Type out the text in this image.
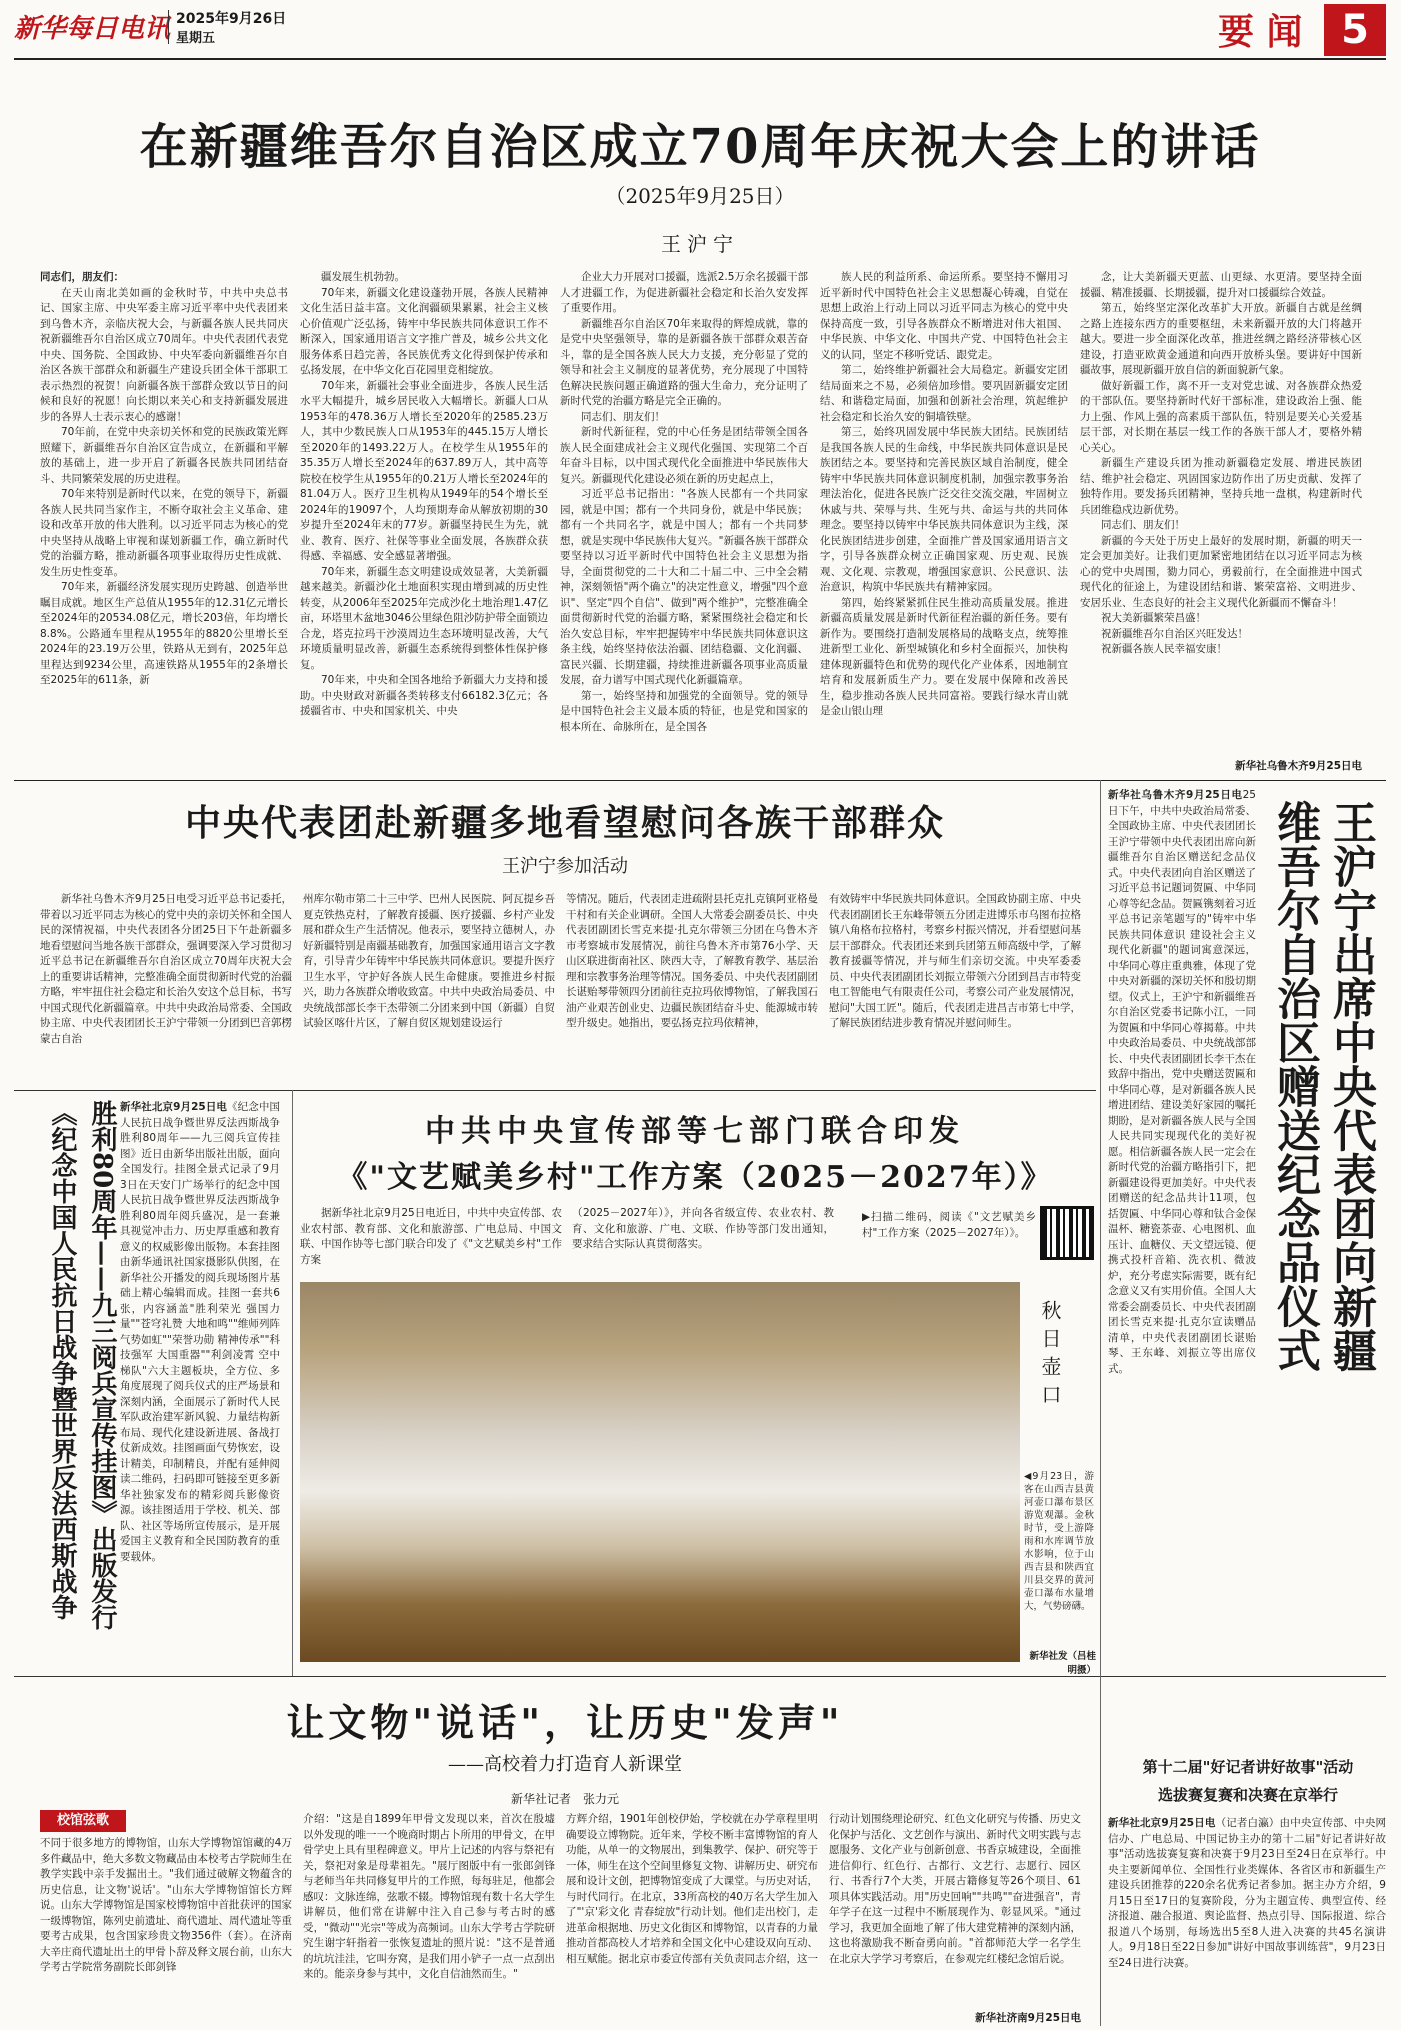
新华每日电讯 2025年9月26日
星期五	要 闻 5
在新疆维吾尔自治区成立70周年庆祝大会上的讲话
（2025年9月25日）
王沪宁

同志们，朋友们：

在天山南北美如画的金秋时节，中共中央总书记、国家主席、中央军委主席习近平率中央代表团来到乌鲁木齐，亲临庆祝大会，与新疆各族人民共同庆祝新疆维吾尔自治区成立70周年。中央代表团代表党中央、国务院、全国政协、中央军委向新疆维吾尔自治区各族干部群众和新疆生产建设兵团全体干部职工表示热烈的祝贺！向新疆各族干部群众致以节日的问候和良好的祝愿！向长期以来关心和支持新疆发展进步的各界人士表示衷心的感谢！

70年前，在党中央亲切关怀和党的民族政策光辉照耀下，新疆维吾尔自治区宣告成立，在新疆和平解放的基础上，进一步开启了新疆各民族共同团结奋斗、共同繁荣发展的历史进程。

70年来特别是新时代以来，在党的领导下，新疆各族人民共同当家作主，不断夺取社会主义革命、建设和改革开放的伟大胜利。以习近平同志为核心的党中央坚持从战略上审视和谋划新疆工作，确立新时代党的治疆方略，推动新疆各项事业取得历史性成就、发生历史性变革。

70年来，新疆经济发展实现历史跨越、创造举世瞩目成就。地区生产总值从1955年的12.31亿元增长至2024年的20534.08亿元，增长203倍，年均增长8.8%。公路通车里程从1955年的8820公里增长至2024年的23.19万公里，铁路从无到有，2025年总里程达到9234公里，高速铁路从1955年的2条增长至2025年的611条，新

疆发展生机勃勃。

70年来，新疆文化建设蓬勃开展，各族人民精神文化生活日益丰富。文化润疆硕果累累，社会主义核心价值观广泛弘扬，铸牢中华民族共同体意识工作不断深入，国家通用语言文字推广普及，城乡公共文化服务体系日趋完善，各民族优秀文化得到保护传承和弘扬发展，在中华文化百花园里竞相绽放。

70年来，新疆社会事业全面进步，各族人民生活水平大幅提升，城乡居民收入大幅增长。新疆人口从1953年的478.36万人增长至2020年的2585.23万人，其中少数民族人口从1953年的445.15万人增长至2020年的1493.22万人。在校学生从1955年的35.35万人增长至2024年的637.89万人，其中高等院校在校学生从1955年的0.21万人增长至2024年的81.04万人。医疗卫生机构从1949年的54个增长至2024年的19097个，人均预期寿命从解放初期的30岁提升至2024年末的77岁。新疆坚持民生为先，就业、教育、医疗、社保等事业全面发展，各族群众获得感、幸福感、安全感显著增强。

70年来，新疆生态文明建设成效显著，大美新疆越来越美。新疆沙化土地面积实现由增到减的历史性转变，从2006年至2025年完成沙化土地治理1.47亿亩，环塔里木盆地3046公里绿色阻沙防护带全面锁边合龙，塔克拉玛干沙漠周边生态环境明显改善，大气环境质量明显改善，新疆生态系统得到整体性保护修复。

70年来，中央和全国各地给予新疆大力支持和援助。中央财政对新疆各类转移支付66182.3亿元；各援疆省市、中央和国家机关、中央

企业大力开展对口援疆，选派2.5万余名援疆干部人才进疆工作，为促进新疆社会稳定和长治久安发挥了重要作用。

新疆维吾尔自治区70年来取得的辉煌成就，靠的是党中央坚强领导，靠的是新疆各族干部群众艰苦奋斗，靠的是全国各族人民大力支援，充分彰显了党的领导和社会主义制度的显著优势，充分展现了中国特色解决民族问题正确道路的强大生命力，充分证明了新时代党的治疆方略是完全正确的。

同志们、朋友们！

新时代新征程，党的中心任务是团结带领全国各族人民全面建成社会主义现代化强国、实现第二个百年奋斗目标，以中国式现代化全面推进中华民族伟大复兴。新疆现代化建设必须在新的历史起点上，

习近平总书记指出："各族人民都有一个共同家园，就是中国；都有一个共同身份，就是中华民族；都有一个共同名字，就是中国人；都有一个共同梦想，就是实现中华民族伟大复兴。"新疆各族干部群众要坚持以习近平新时代中国特色社会主义思想为指导，全面贯彻党的二十大和二十届二中、三中全会精神，深刻领悟"两个确立"的决定性意义，增强"四个意识"、坚定"四个自信"、做到"两个维护"，完整准确全面贯彻新时代党的治疆方略，紧紧围绕社会稳定和长治久安总目标，牢牢把握铸牢中华民族共同体意识这条主线，始终坚持依法治疆、团结稳疆、文化润疆、富民兴疆、长期建疆，持续推进新疆各项事业高质量发展，奋力谱写中国式现代化新疆篇章。

第一，始终坚持和加强党的全面领导。党的领导是中国特色社会主义最本质的特征，也是党和国家的根本所在、命脉所在，是全国各

族人民的利益所系、命运所系。要坚持不懈用习近平新时代中国特色社会主义思想凝心铸魂，自觉在思想上政治上行动上同以习近平同志为核心的党中央保持高度一致，引导各族群众不断增进对伟大祖国、中华民族、中华文化、中国共产党、中国特色社会主义的认同，坚定不移听党话、跟党走。

第二，始终维护新疆社会大局稳定。新疆安定团结局面来之不易，必须倍加珍惜。要巩固新疆安定团结、和谐稳定局面，加强和创新社会治理，筑起维护社会稳定和长治久安的铜墙铁壁。

第三，始终巩固发展中华民族大团结。民族团结是我国各族人民的生命线，中华民族共同体意识是民族团结之本。要坚持和完善民族区域自治制度，健全铸牢中华民族共同体意识制度机制，加强宗教事务治理法治化，促进各民族广泛交往交流交融，牢固树立休戚与共、荣辱与共、生死与共、命运与共的共同体理念。要坚持以铸牢中华民族共同体意识为主线，深化民族团结进步创建，全面推广普及国家通用语言文字，引导各族群众树立正确国家观、历史观、民族观、文化观、宗教观，增强国家意识、公民意识、法治意识，构筑中华民族共有精神家园。

第四，始终紧紧抓住民生推动高质量发展。推进新疆高质量发展是新时代新征程治疆的新任务。要有新作为。要围绕打造制发展格局的战略支点，统筹推进新型工业化、新型城镇化和乡村全面振兴，加快构建体现新疆特色和优势的现代化产业体系，因地制宜培育和发展新质生产力。要在发展中保障和改善民生，稳步推动各族人民共同富裕。要践行绿水青山就是金山银山理

念，让大美新疆天更蓝、山更绿、水更清。要坚持全面援疆、精准援疆、长期援疆，提升对口援疆综合效益。

第五，始终坚定深化改革扩大开放。新疆自古就是丝绸之路上连接东西方的重要枢纽，未来新疆开放的大门将越开越大。要进一步全面深化改革，推进丝绸之路经济带核心区建设，打造亚欧黄金通道和向西开放桥头堡。要讲好中国新疆故事，展现新疆开放自信的新面貌新气象。

做好新疆工作，离不开一支对党忠诚、对各族群众热爱的干部队伍。要坚持新时代好干部标准，建设政治上强、能力上强、作风上强的高素质干部队伍，特别是要关心关爱基层干部，对长期在基层一线工作的各族干部人才，要格外精心关心。

新疆生产建设兵团为推动新疆稳定发展、增进民族团结、维护社会稳定、巩固国家边防作出了历史贡献、发挥了独特作用。要发扬兵团精神，坚持兵地一盘棋，构建新时代兵团维稳戍边新优势。

同志们、朋友们！

新疆的今天处于历史上最好的发展时期，新疆的明天一定会更加美好。让我们更加紧密地团结在以习近平同志为核心的党中央周围，勠力同心，勇毅前行，在全面推进中国式现代化的征途上，为建设团结和谐、繁荣富裕、文明进步、安居乐业、生态良好的社会主义现代化新疆而不懈奋斗！

祝大美新疆繁荣昌盛！

祝新疆维吾尔自治区兴旺发达！

祝新疆各族人民幸福安康！

新华社乌鲁木齐9月25日电
中央代表团赴新疆多地看望慰问各族干部群众
王沪宁参加活动
新华社乌鲁木齐9月25日电受习近平总书记委托，带着以习近平同志为核心的党中央的亲切关怀和全国人民的深情祝福，中央代表团各分团25日下午赴新疆多地看望慰问当地各族干部群众，强调要深入学习贯彻习近平总书记在新疆维吾尔自治区成立70周年庆祝大会上的重要讲话精神，完整准确全面贯彻新时代党的治疆方略，牢牢扭住社会稳定和长治久安这个总目标，书写中国式现代化新疆篇章。中共中央政治局常委、全国政协主席、中央代表团团长王沪宁带领一分团到巴音郭楞蒙古自治
州库尔勒市第二十三中学、巴州人民医院、阿瓦提乡吾夏克铁热克村，了解教育援疆、医疗援疆、乡村产业发展和群众生产生活情况。他表示，要坚持立德树人，办好新疆特别是南疆基础教育，加强国家通用语言文字教育，引导青少年铸牢中华民族共同体意识。要提升医疗卫生水平，守护好各族人民生命健康。要推进乡村振兴，助力各族群众增收致富。中共中央政治局委员、中央统战部部长李干杰带领二分团来到中国（新疆）自贸试验区喀什片区，了解自贸区规划建设运行
等情况。随后，代表团走进疏附县托克扎克镇阿亚格曼干村和有关企业调研。全国人大常委会副委员长、中央代表团副团长雪克来提·扎克尔带领三分团在乌鲁木齐市考察城市发展情况，前往乌鲁木齐市第76小学、天山区联进街南社区、陕西大寺，了解教育教学、基层治理和宗教事务治理等情况。国务委员、中央代表团副团长谌贻琴带领四分团前往克拉玛依博物馆，了解我国石油产业艰苦创业史、边疆民族团结奋斗史、能源城市转型升级史。她指出，要弘扬克拉玛依精神，
有效铸牢中华民族共同体意识。全国政协副主席、中央代表团副团长王东峰带领五分团走进博乐市乌图布拉格镇八角格布拉格村，考察乡村振兴情况，并看望慰问基层干部群众。代表团还来到兵团第五师高级中学，了解教育援疆等情况，并与师生们亲切交流。中央军委委员、中央代表团副团长刘振立带领六分团到昌吉市特变电工智能电气有限责任公司，考察公司产业发展情况，慰问"大国工匠"。随后，代表团走进昌吉市第七中学，了解民族团结进步教育情况并慰问师生。
新华社乌鲁木齐9月25日电25日下午，中共中央政治局常委、全国政协主席、中央代表团团长王沪宁带领中央代表团出席向新疆维吾尔自治区赠送纪念品仪式。中央代表团向自治区赠送了习近平总书记题词贺匾、中华同心尊等纪念品。贺匾镌刻着习近平总书记亲笔题写的"铸牢中华民族共同体意识 建设社会主义现代化新疆"的题词寓意深远，中华同心尊庄重典雅，体现了党中央对新疆的深切关怀和殷切期望。仪式上，王沪宁和新疆维吾尔自治区党委书记陈小江，一同为贺匾和中华同心尊揭幕。中共中央政治局委员、中央统战部部长、中央代表团副团长李干杰在致辞中指出，党中央赠送贺匾和中华同心尊，是对新疆各族人民增进团结、建设美好家园的嘱托期盼，是对新疆各族人民与全国人民共同实现现代化的美好祝愿。相信新疆各族人民一定会在新时代党的治疆方略指引下，把新疆建设得更加美好。中央代表团赠送的纪念品共计11项，包括贺匾、中华同心尊和钛合金保温杯、糖瓷茶壶、心电图机、血压计、血糖仪、天文望远镜、便携式投杆音箱、洗衣机、微波炉，充分考虑实际需要，既有纪念意义又有实用价值。全国人大常委会副委员长、中央代表团副团长雪克来提·扎克尔宣读赠品清单，中央代表团副团长谌贻琴、王东峰、刘振立等出席仪式。	王沪宁出席中央代表团向新疆
维吾尔自治区赠送纪念品仪式
胜利80周年——九三阅兵宣传挂图》出版发行
《纪念中国人民抗日战争暨世界反法西斯战争	新华社北京9月25日电《纪念中国人民抗日战争暨世界反法西斯战争胜利80周年——九三阅兵宣传挂图》近日由新华出版社出版，面向全国发行。挂图全景式记录了9月3日在天安门广场举行的纪念中国人民抗日战争暨世界反法西斯战争胜利80周年阅兵盛况，是一套兼具视觉冲击力、历史厚重感和教育意义的权威影像出版物。本套挂图由新华通讯社国家摄影队供图，在新华社公开播发的阅兵现场图片基础上精心编辑而成。挂图一套共6张，内容涵盖"胜利荣光 强国力量""苍穹礼赞 大地和鸣""维师列阵 气势如虹""荣誉功勋 精神传承""科技强军 大国重器""利剑凌霄 空中梯队"六大主题板块，全方位、多角度展现了阅兵仪式的庄严场景和深刻内涵，全面展示了新时代人民军队政治建军新风貌、力量结构新布局、现代化建设新进展、备战打仗新成效。挂图画面气势恢宏，设计精美，印制精良，并配有延伸阅读二维码，扫码即可链接至更多新华社独家发布的精彩阅兵影像资源。该挂图适用于学校、机关、部队、社区等场所宣传展示，是开展爱国主义教育和全民国防教育的重要载体。
中共中央宣传部等七部门联合印发
《"文艺赋美乡村"工作方案（2025－2027年）》
据新华社北京9月25日电近日，中共中央宣传部、农业农村部、教育部、文化和旅游部、广电总局、中国文联、中国作协等七部门联合印发了《"文艺赋美乡村"工作方案
（2025－2027年）》，并向各省级宣传、农业农村、教育、文化和旅游、广电、文联、作协等部门发出通知，要求结合实际认真贯彻落实。
▶扫描二维码，阅读《"文艺赋美乡村"工作方案（2025－2027年）》。
秋日壶口
◀9月23日，游客在山西吉县黄河壶口瀑布景区游览观瀑。金秋时节，受上游降雨和水库调节放水影响，位于山西吉县和陕西宜川县交界的黄河壶口瀑布水量增大，气势磅礴。
新华社发（吕桂明摄）
让文物"说话"，让历史"发声"
——高校着力打造育人新课堂
新华社记者　张力元
校馆弦歌
不同于很多地方的博物馆，山东大学博物馆馆藏的4万多件藏品中，绝大多数文物藏品由本校考古学院师生在教学实践中亲手发掘出土。"我们通过破解文物蕴含的历史信息，让文物'说话'。"山东大学博物馆馆长方辉说。山东大学博物馆是国家校博物馆中首批获评的国家一级博物馆，陈列史前遗址、商代遗址、周代遗址等重要考古成果，包含国家珍贵文物356件（套）。在济南大辛庄商代遗址出土的甲骨卜辞及释文展台前，山东大学考古学院常务副院长郎剑锋
介绍："这是自1899年甲骨文发现以来，首次在殷墟以外发现的唯一一个晚商时期占卜所用的甲骨文，在甲骨学史上具有里程碑意义。甲片上记述的内容与祭祀有关，祭祀对象是母辈祖先。"展厅图版中有一张郎剑锋与老师当年共同修复甲片的工作照，每每驻足，他都会感叹：文脉连绵，弦歌不辍。博物馆现有数十名大学生讲解员，他们常在讲解中注入自己参与考古时的感受，"微动""光宗"等成为高频词。山东大学考古学院研究生谢宇轩指着一张恢复遗址的照片说："这不是普通的坑坑洼洼，它叫夯窝，是我们用小铲子一点一点刮出来的。能亲身参与其中，文化自信油然而生。"
方辉介绍，1901年创校伊始，学校就在办学章程里明确要设立博物院。近年来，学校不断丰富博物馆的育人功能，从单一的文物展出，到集教学、保护、研究等于一体，师生在这个空间里修复文物、讲解历史、研究布展和设计文创，把博物馆变成了大课堂。与历史对话，与时代同行。在北京，33所高校的40万名大学生加入了"'京'彩文化 青春绽放"行动计划。他们走出校门，走进革命根据地、历史文化街区和博物馆，以青春的力量推动首都高校人才培养和全国文化中心建设双向互动、相互赋能。据北京市委宣传部有关负责同志介绍，这一
行动计划围绕理论研究、红色文化研究与传播、历史文化保护与活化、文艺创作与演出、新时代文明实践与志愿服务、文化产业与创新创意、书香京城建设，全面推进信仰行、红色行、古都行、文艺行、志愿行、园区行、书香行7个大类，开展古籍修复等26个项目、61项具体实践活动。用"历史回响""共鸣""奋进强音"，青年学子在这一过程中不断展现作为、彰显风采。"通过学习，我更加全面地了解了伟大建党精神的深刻内涵，这也将激励我不断奋勇向前。"首都师范大学一名学生在北京大学学习考察后，在参观完红楼纪念馆后说。
新华社济南9月25日电
第十二届"好记者讲好故事"活动
选拔赛复赛和决赛在京举行
新华社北京9月25日电（记者白瀛）由中央宣传部、中央网信办、广电总局、中国记协主办的第十二届"好记者讲好故事"活动选拔赛复赛和决赛于9月23日至24日在京举行。中央主要新闻单位、全国性行业类媒体、各省区市和新疆生产建设兵团推荐的220余名优秀记者参加。据主办方介绍，9月15日至17日的复赛阶段，分为主题宣传、典型宣传、经济报道、融合报道、舆论监督、热点引导、国际报道、综合报道八个场别，每场选出5至8人进入决赛的共45名演讲人。9月18日至22日参加"讲好中国故事训练营"，9月23日至24日进行决赛。
